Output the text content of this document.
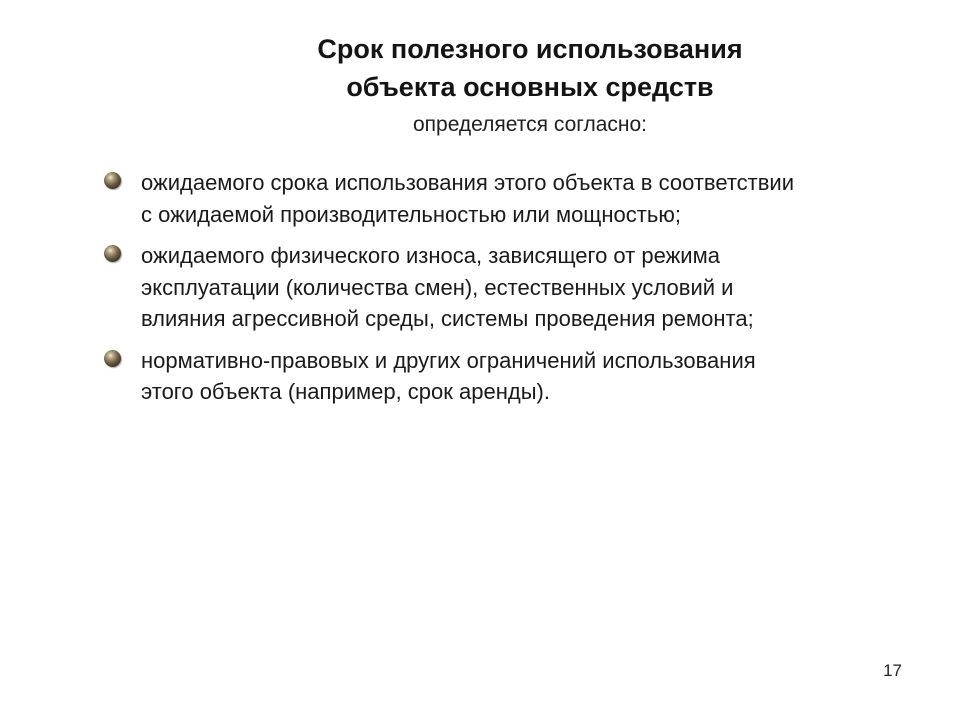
Срок полезного использования
объекта основных средств
определяется согласно:
ожидаемого срока использования этого объекта в соответствии
с ожидаемой производительностью или мощностью;
ожидаемого физического износа, зависящего от режима
эксплуатации (количества смен), естественных условий и
влияния агрессивной среды, системы проведения ремонта;
нормативно-правовых и других ограничений использования
этого объекта (например, срок аренды).
17
